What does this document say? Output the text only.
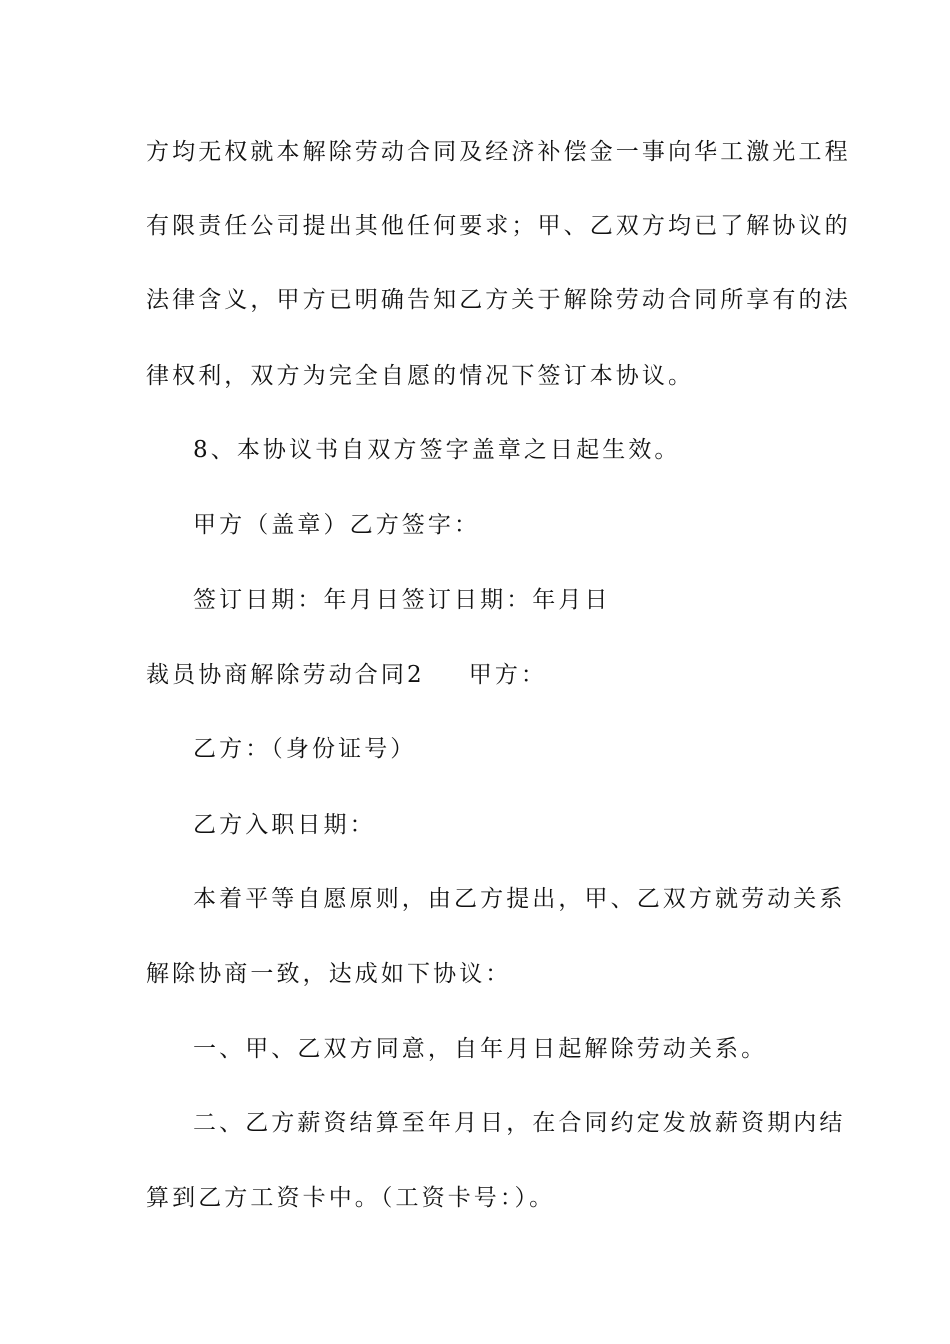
方均无权就本解除劳动合同及经济补偿金一事向华工激光工程
有限责任公司提出其他任何要求；甲、乙双方均已了解协议的
法律含义，甲方已明确告知乙方关于解除劳动合同所享有的法
律权利，双方为完全自愿的情况下签订本协议。
8、本协议书自双方签字盖章之日起生效。
甲方（盖章）乙方签字：
签订日期：年月日签订日期：年月日
裁员协商解除劳动合同2 甲方：
乙方：（身份证号）
乙方入职日期：
本着平等自愿原则，由乙方提出，甲、乙双方就劳动关系
解除协商一致，达成如下协议：
一、甲、乙双方同意，自年月日起解除劳动关系。
二、乙方薪资结算至年月日，在合同约定发放薪资期内结
算到乙方工资卡中。（工资卡号：）。
